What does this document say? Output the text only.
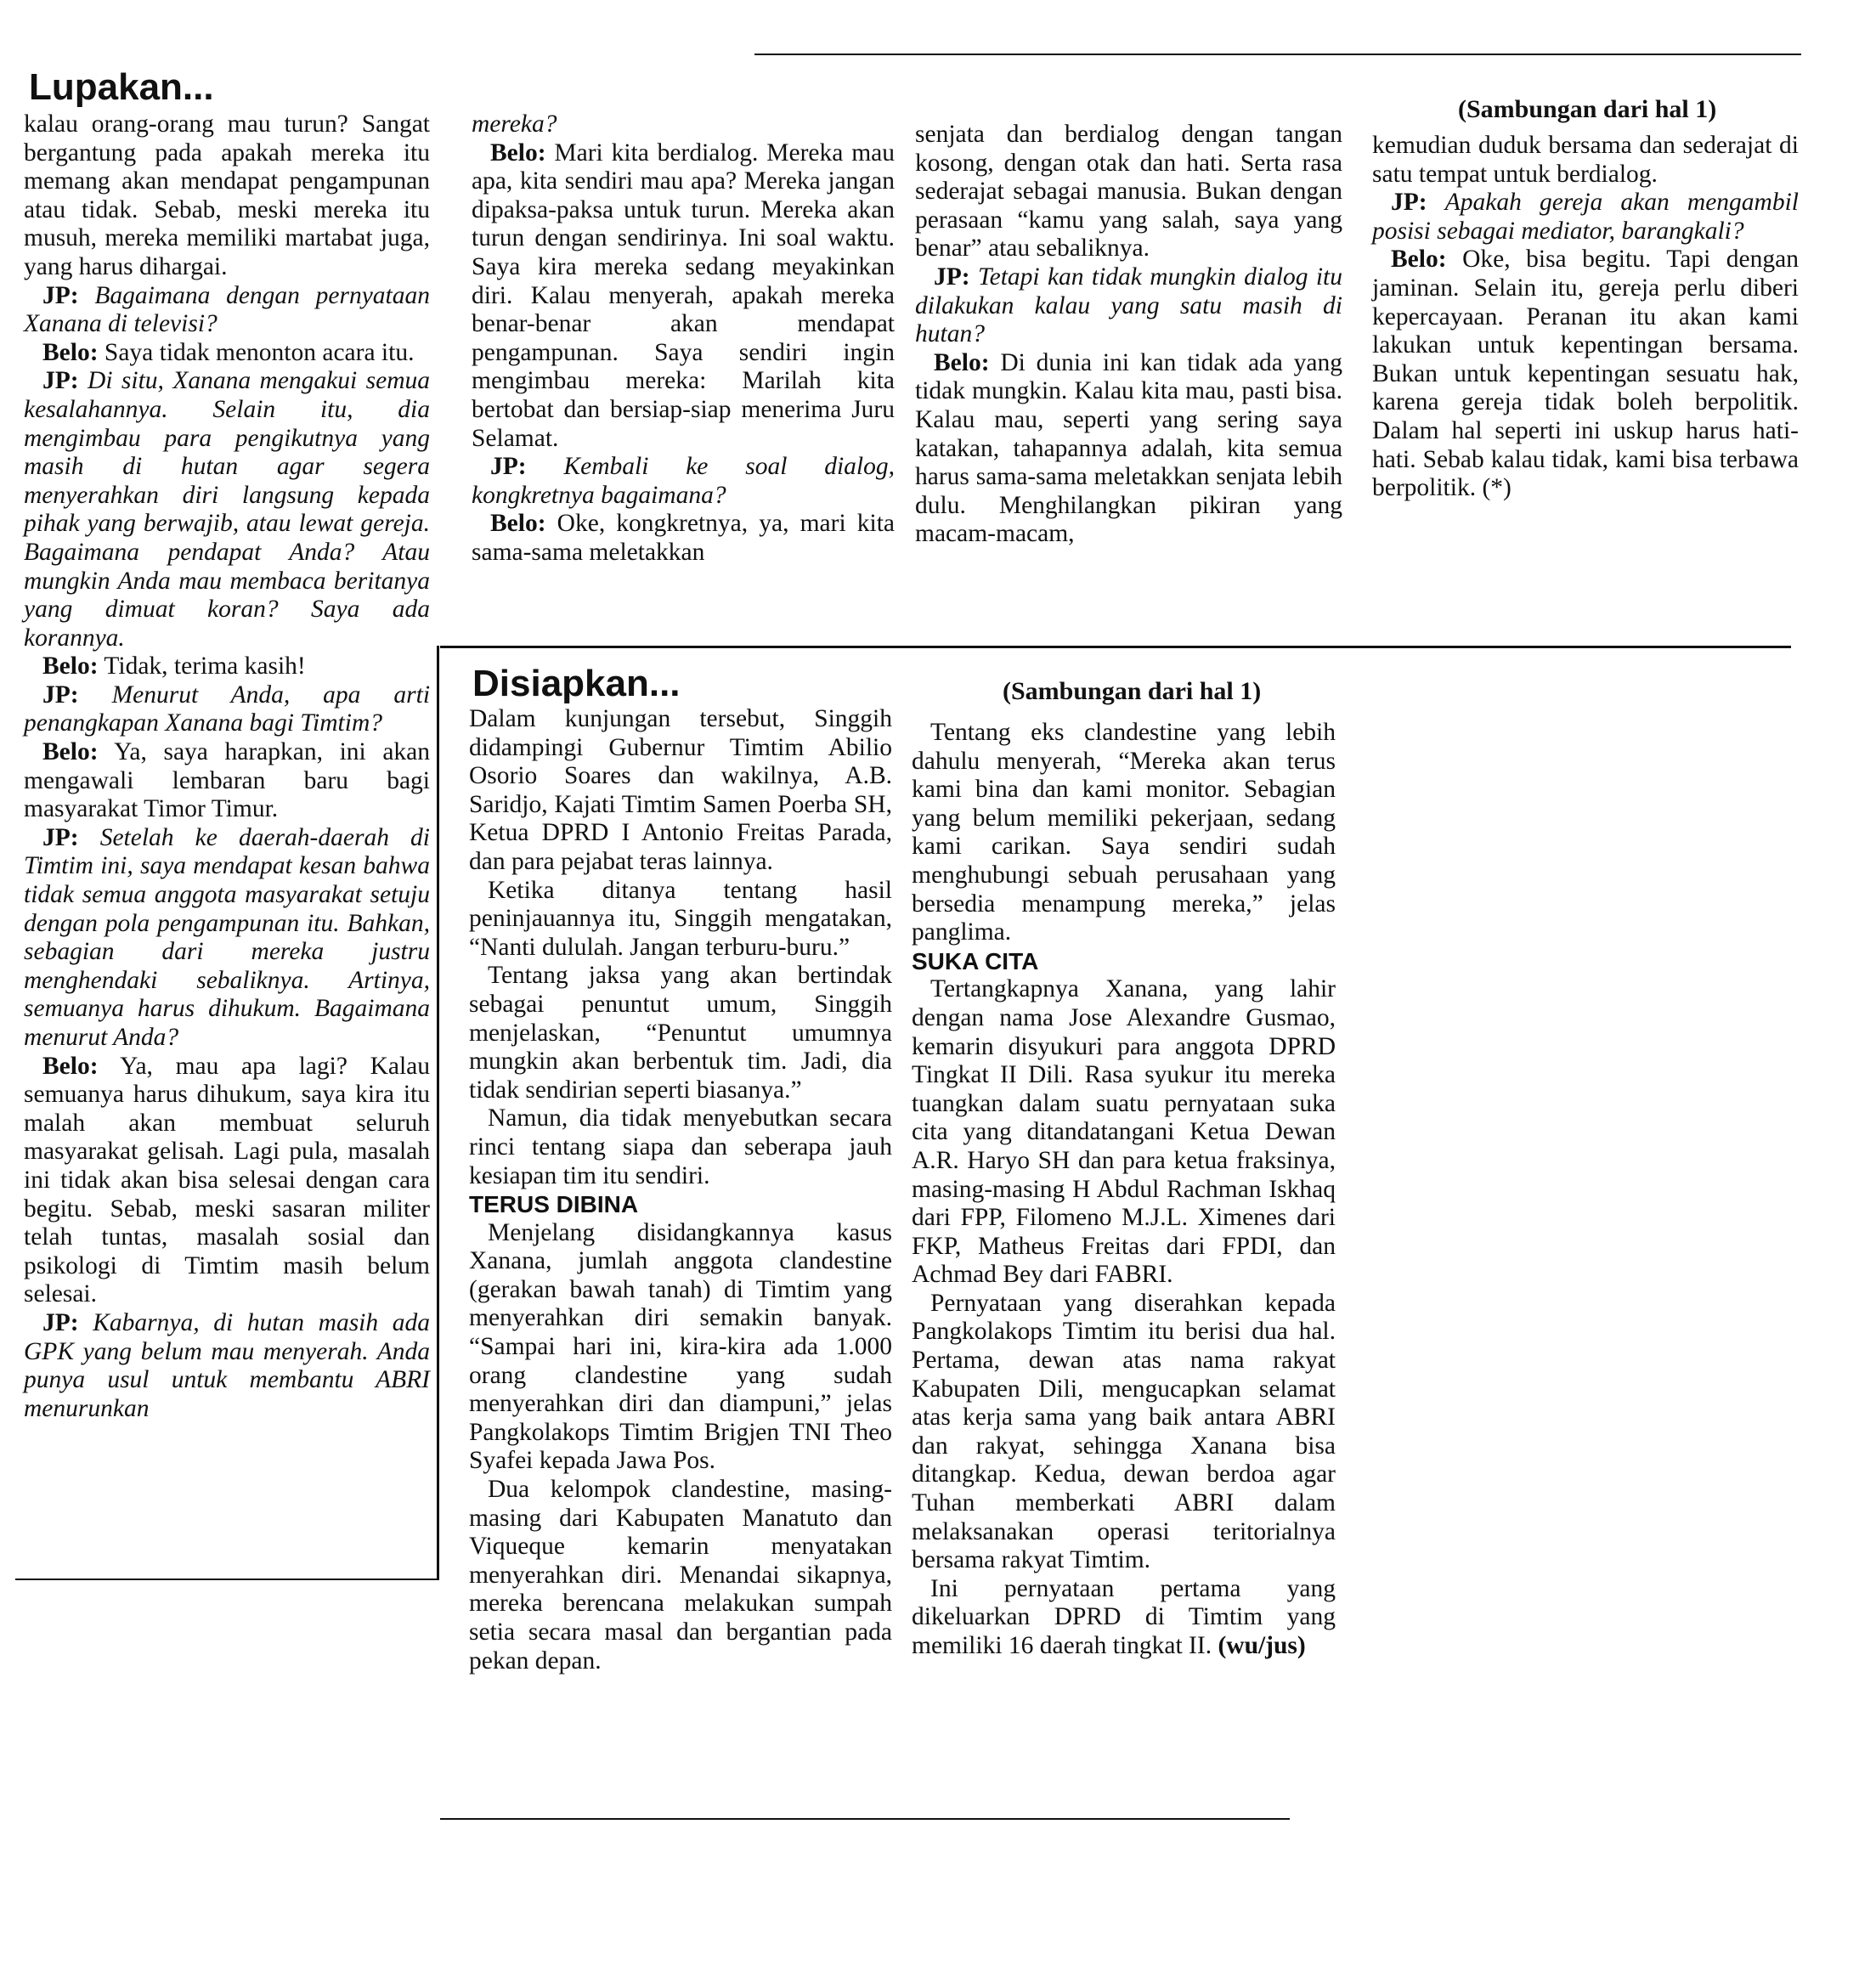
Lupakan...
(Sambungan dari hal 1)

kalau orang-orang mau turun? Sangat bergantung pada apakah mereka itu memang akan mendapat pengampunan atau tidak. Sebab, meski mereka itu musuh, mereka memiliki martabat juga, yang harus dihargai.

JP: Bagaimana dengan pernyataan Xanana di televisi?

Belo: Saya tidak menonton acara itu.

JP: Di situ, Xanana mengakui semua kesalahannya. Selain itu, dia mengimbau para pengikutnya yang masih di hutan agar segera menyerahkan diri langsung kepada pihak yang berwajib, atau lewat gereja. Bagaimana pendapat Anda? Atau mungkin Anda mau membaca beritanya yang dimuat koran? Saya ada korannya.

Belo: Tidak, terima kasih!

JP: Menurut Anda, apa arti penangkapan Xanana bagi Timtim?

Belo: Ya, saya harapkan, ini akan mengawali lembaran baru bagi masyarakat Timor Timur.

JP: Setelah ke daerah-daerah di Timtim ini, saya mendapat kesan bahwa tidak semua anggota masyarakat setuju dengan pola pengampunan itu. Bahkan, sebagian dari mereka justru menghendaki sebaliknya. Artinya, semuanya harus dihukum. Bagaimana menurut Anda?

Belo: Ya, mau apa lagi? Kalau semuanya harus dihukum, saya kira itu malah akan membuat seluruh masyarakat gelisah. Lagi pula, masalah ini tidak akan bisa selesai dengan cara begitu. Sebab, meski sasaran militer telah tuntas, masalah sosial dan psikologi di Timtim masih belum selesai.

JP: Kabarnya, di hutan masih ada GPK yang belum mau menyerah. Anda punya usul untuk membantu ABRI menurunkan

mereka?

Belo: Mari kita berdialog. Mereka mau apa, kita sendiri mau apa? Mereka jangan dipaksa-paksa untuk turun. Mereka akan turun dengan sendirinya. Ini soal waktu. Saya kira mereka sedang meyakinkan diri. Kalau menyerah, apakah mereka benar-benar akan mendapat pengampunan. Saya sendiri ingin mengimbau mereka: Marilah kita bertobat dan bersiap-siap menerima Juru Selamat.

JP: Kembali ke soal dialog, kongkretnya bagaimana?

Belo: Oke, kongkretnya, ya, mari kita sama-sama meletakkan

senjata dan berdialog dengan tangan kosong, dengan otak dan hati. Serta rasa sederajat sebagai manusia. Bukan dengan perasaan “kamu yang salah, saya yang benar” atau sebaliknya.

JP: Tetapi kan tidak mungkin dialog itu dilakukan kalau yang satu masih di hutan?

Belo: Di dunia ini kan tidak ada yang tidak mungkin. Kalau kita mau, pasti bisa. Kalau mau, seperti yang sering saya katakan, tahapannya adalah, kita semua harus sama-sama meletakkan senjata lebih dulu. Menghilangkan pikiran yang macam-macam,

kemudian duduk bersama dan sederajat di satu tempat untuk berdialog.

JP: Apakah gereja akan mengambil posisi sebagai mediator, barangkali?

Belo: Oke, bisa begitu. Tapi dengan jaminan. Selain itu, gereja perlu diberi kepercayaan. Peranan itu akan kami lakukan untuk kepentingan bersama. Bukan untuk kepentingan sesuatu hak, karena gereja tidak boleh berpolitik. Dalam hal seperti ini uskup harus hati-hati. Sebab kalau tidak, kami bisa terbawa berpolitik. (*)

Disiapkan...	(Sambungan dari hal 1)

Dalam kunjungan tersebut, Singgih didampingi Gubernur Timtim Abilio Osorio Soares dan wakilnya, A.B. Saridjo, Kajati Timtim Samen Poerba SH, Ketua DPRD I Antonio Freitas Parada, dan para pejabat teras lainnya.

Ketika ditanya tentang hasil peninjauannya itu, Singgih mengatakan, “Nanti dululah. Jangan terburu-buru.”

Tentang jaksa yang akan bertindak sebagai penuntut umum, Singgih menjelaskan, “Penuntut umumnya mungkin akan berbentuk tim. Jadi, dia tidak sendirian seperti biasanya.”

Namun, dia tidak menyebutkan secara rinci tentang siapa dan seberapa jauh kesiapan tim itu sendiri.

TERUS DIBINA

Menjelang disidangkannya kasus Xanana, jumlah anggota clandestine (gerakan bawah tanah) di Timtim yang menyerahkan diri semakin banyak. “Sampai hari ini, kira-kira ada 1.000 orang clandestine yang sudah menyerahkan diri dan diampuni,” jelas Pangkolakops Timtim Brigjen TNI Theo Syafei kepada Jawa Pos.

Dua kelompok clandestine, masing-masing dari Kabupaten Manatuto dan Viqueque kemarin menyatakan menyerahkan diri. Menandai sikapnya, mereka berencana melakukan sumpah setia secara masal dan bergantian pada pekan depan.

Tentang eks clandestine yang lebih dahulu menyerah, “Mereka akan terus kami bina dan kami monitor. Sebagian yang belum memiliki pekerjaan, sedang kami carikan. Saya sendiri sudah menghubungi sebuah perusahaan yang bersedia menampung mereka,” jelas panglima.

SUKA CITA

Tertangkapnya Xanana, yang lahir dengan nama Jose Alexandre Gusmao, kemarin disyukuri para anggota DPRD Tingkat II Dili. Rasa syukur itu mereka tuangkan dalam suatu pernyataan suka cita yang ditandatangani Ketua Dewan A.R. Haryo SH dan para ketua fraksinya, masing-masing H Abdul Rachman Iskhaq dari FPP, Filomeno M.J.L. Ximenes dari FKP, Matheus Freitas dari FPDI, dan Achmad Bey dari FABRI.

Pernyataan yang diserahkan kepada Pangkolakops Timtim itu berisi dua hal. Pertama, dewan atas nama rakyat Kabupaten Dili, mengucapkan selamat atas kerja sama yang baik antara ABRI dan rakyat, sehingga Xanana bisa ditangkap. Kedua, dewan berdoa agar Tuhan memberkati ABRI dalam melaksanakan operasi teritorialnya bersama rakyat Timtim.

Ini pernyataan pertama yang dikeluarkan DPRD di Timtim yang memiliki 16 daerah tingkat II. (wu/jus)
